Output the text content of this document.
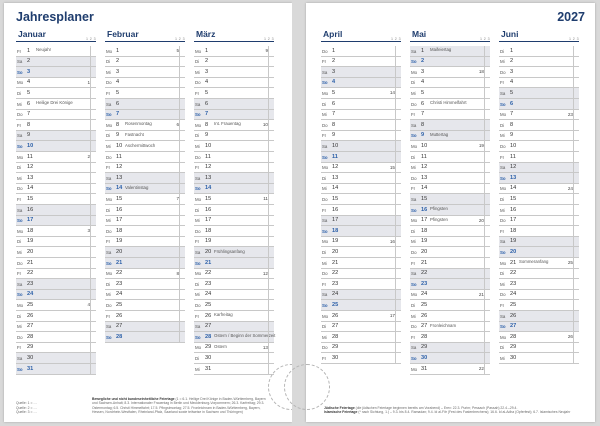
Jahresplaner
Januar	1 2 3
Fr 1 Neujahr
Sa 2
So 3
Mo 4	1
Di 5
Mi 6 Heilige Drei Könige
Do 7
Fr 8
Sa 9
So 10
Mo 11	2
Di 12
Mi 13
Do 14
Fr 15
Sa 16
So 17
Mo 18	3
Di 19
Mi 20
Do 21
Fr 22
Sa 23
So 24
Mo 25	4
Di 26
Mi 27
Do 28
Fr 29
Sa 30
So 31
Februar	1 2 3
Mo 1	5
Di 2
Mi 3
Do 4
Fr 5
Sa 6
So 7
Mo 8 Rosenmontag	6
Di 9 Fastnacht
Mi 10 Aschermittwoch
Do 11
Fr 12
Sa 13
So 14 Valentinstag
Mo 15	7
Di 16
Mi 17
Do 18
Fr 19
Sa 20
So 21
Mo 22	8
Di 23
Mi 24
Do 25
Fr 26
Sa 27
So 28
März	1 2 3
Mo 1	9
Di 2
Mi 3
Do 4
Fr 5
Sa 6
So 7
Mo 8 Int. Frauentag	10
Di 9
Mi 10
Do 11
Fr 12
Sa 13
So 14
Mo 15	11
Di 16
Mi 17
Do 18
Fr 19
Sa 20 Frühlingsanfang
So 21
Mo 22	12
Di 23
Mi 24
Do 25
Fr 26 Karfreitag
Sa 27
So 28 Ostern / Beginn der Sommerzeit
Mo 29 Ostern	13
Di 30
Mi 31
Quelle: 1 = …
Quelle: 2 = …
Quelle: 3 = …
Bewegliche und nicht bundeseinheitliche Feiertage (1 = 6.1. Heilige Drei Könige in Baden-Württemberg, Bayern und Sachsen-Anhalt; 8.3. Internationaler Frauentag in Berlin und Mecklenburg-Vorpommern; 26.3. Karfreitag; 29.3. Ostermontag; 6.5. Christi Himmelfahrt; 17.5. Pfingstmontag; 27.5. Fronleichnam in Baden-Württemberg, Bayern, Hessen, Nordrhein-Westfalen, Rheinland-Pfalz, Saarland sowie teilweise in Sachsen und Thüringen)
2027
April	1 2 3
Do 1
Fr 2
Sa 3
So 4
Mo 5	14
Di 6
Mi 7
Do 8
Fr 9
Sa 10
So 11
Mo 12	15
Di 13
Mi 14
Do 15
Fr 16
Sa 17
So 18
Mo 19	16
Di 20
Mi 21
Do 22
Fr 23
Sa 24
So 25
Mo 26	17
Di 27
Mi 28
Do 29
Fr 30
Mai	1 2 3
Sa 1 Maifeiertag
So 2
Mo 3	18
Di 4
Mi 5
Do 6 Christi Himmelfahrt
Fr 7
Sa 8
So 9 Muttertag
Mo 10	19
Di 11
Mi 12
Do 13
Fr 14
Sa 15
So 16 Pfingsten
Mo 17 Pfingsten	20
Di 18
Mi 19
Do 20
Fr 21
Sa 22
So 23
Mo 24	21
Di 25
Mi 26
Do 27 Fronleichnam
Fr 28
Sa 29
So 30
Mo 31	22
Juni	1 2 3
Di 1
Mi 2
Do 3
Fr 4
Sa 5
So 6
Mo 7	23
Di 8
Mi 9
Do 10
Fr 11
Sa 12
So 13
Mo 14	24
Di 15
Mi 16
Do 17
Fr 18
Sa 19
So 20
Mo 21 Sommeranfang	25
Di 22
Mi 23
Do 24
Fr 25
Sa 26
So 27
Mo 28	26
Di 29
Mi 30
Jüdische Feiertage (die jüdischen Feiertage beginnen bereits am Vorabend) – Erev: 22.3. Purim; Pessach (Passah) 22.4.–29.4.
Islamische Feiertage (* nach Sichtung, 1.) – 9.3. bis 8.4. Ramadan; 9.4. Id al-Fitr (Fest des Fastenbrechens); 16.6. Id al-Adha (Opferfest); 6.7. Islamisches Neujahr
